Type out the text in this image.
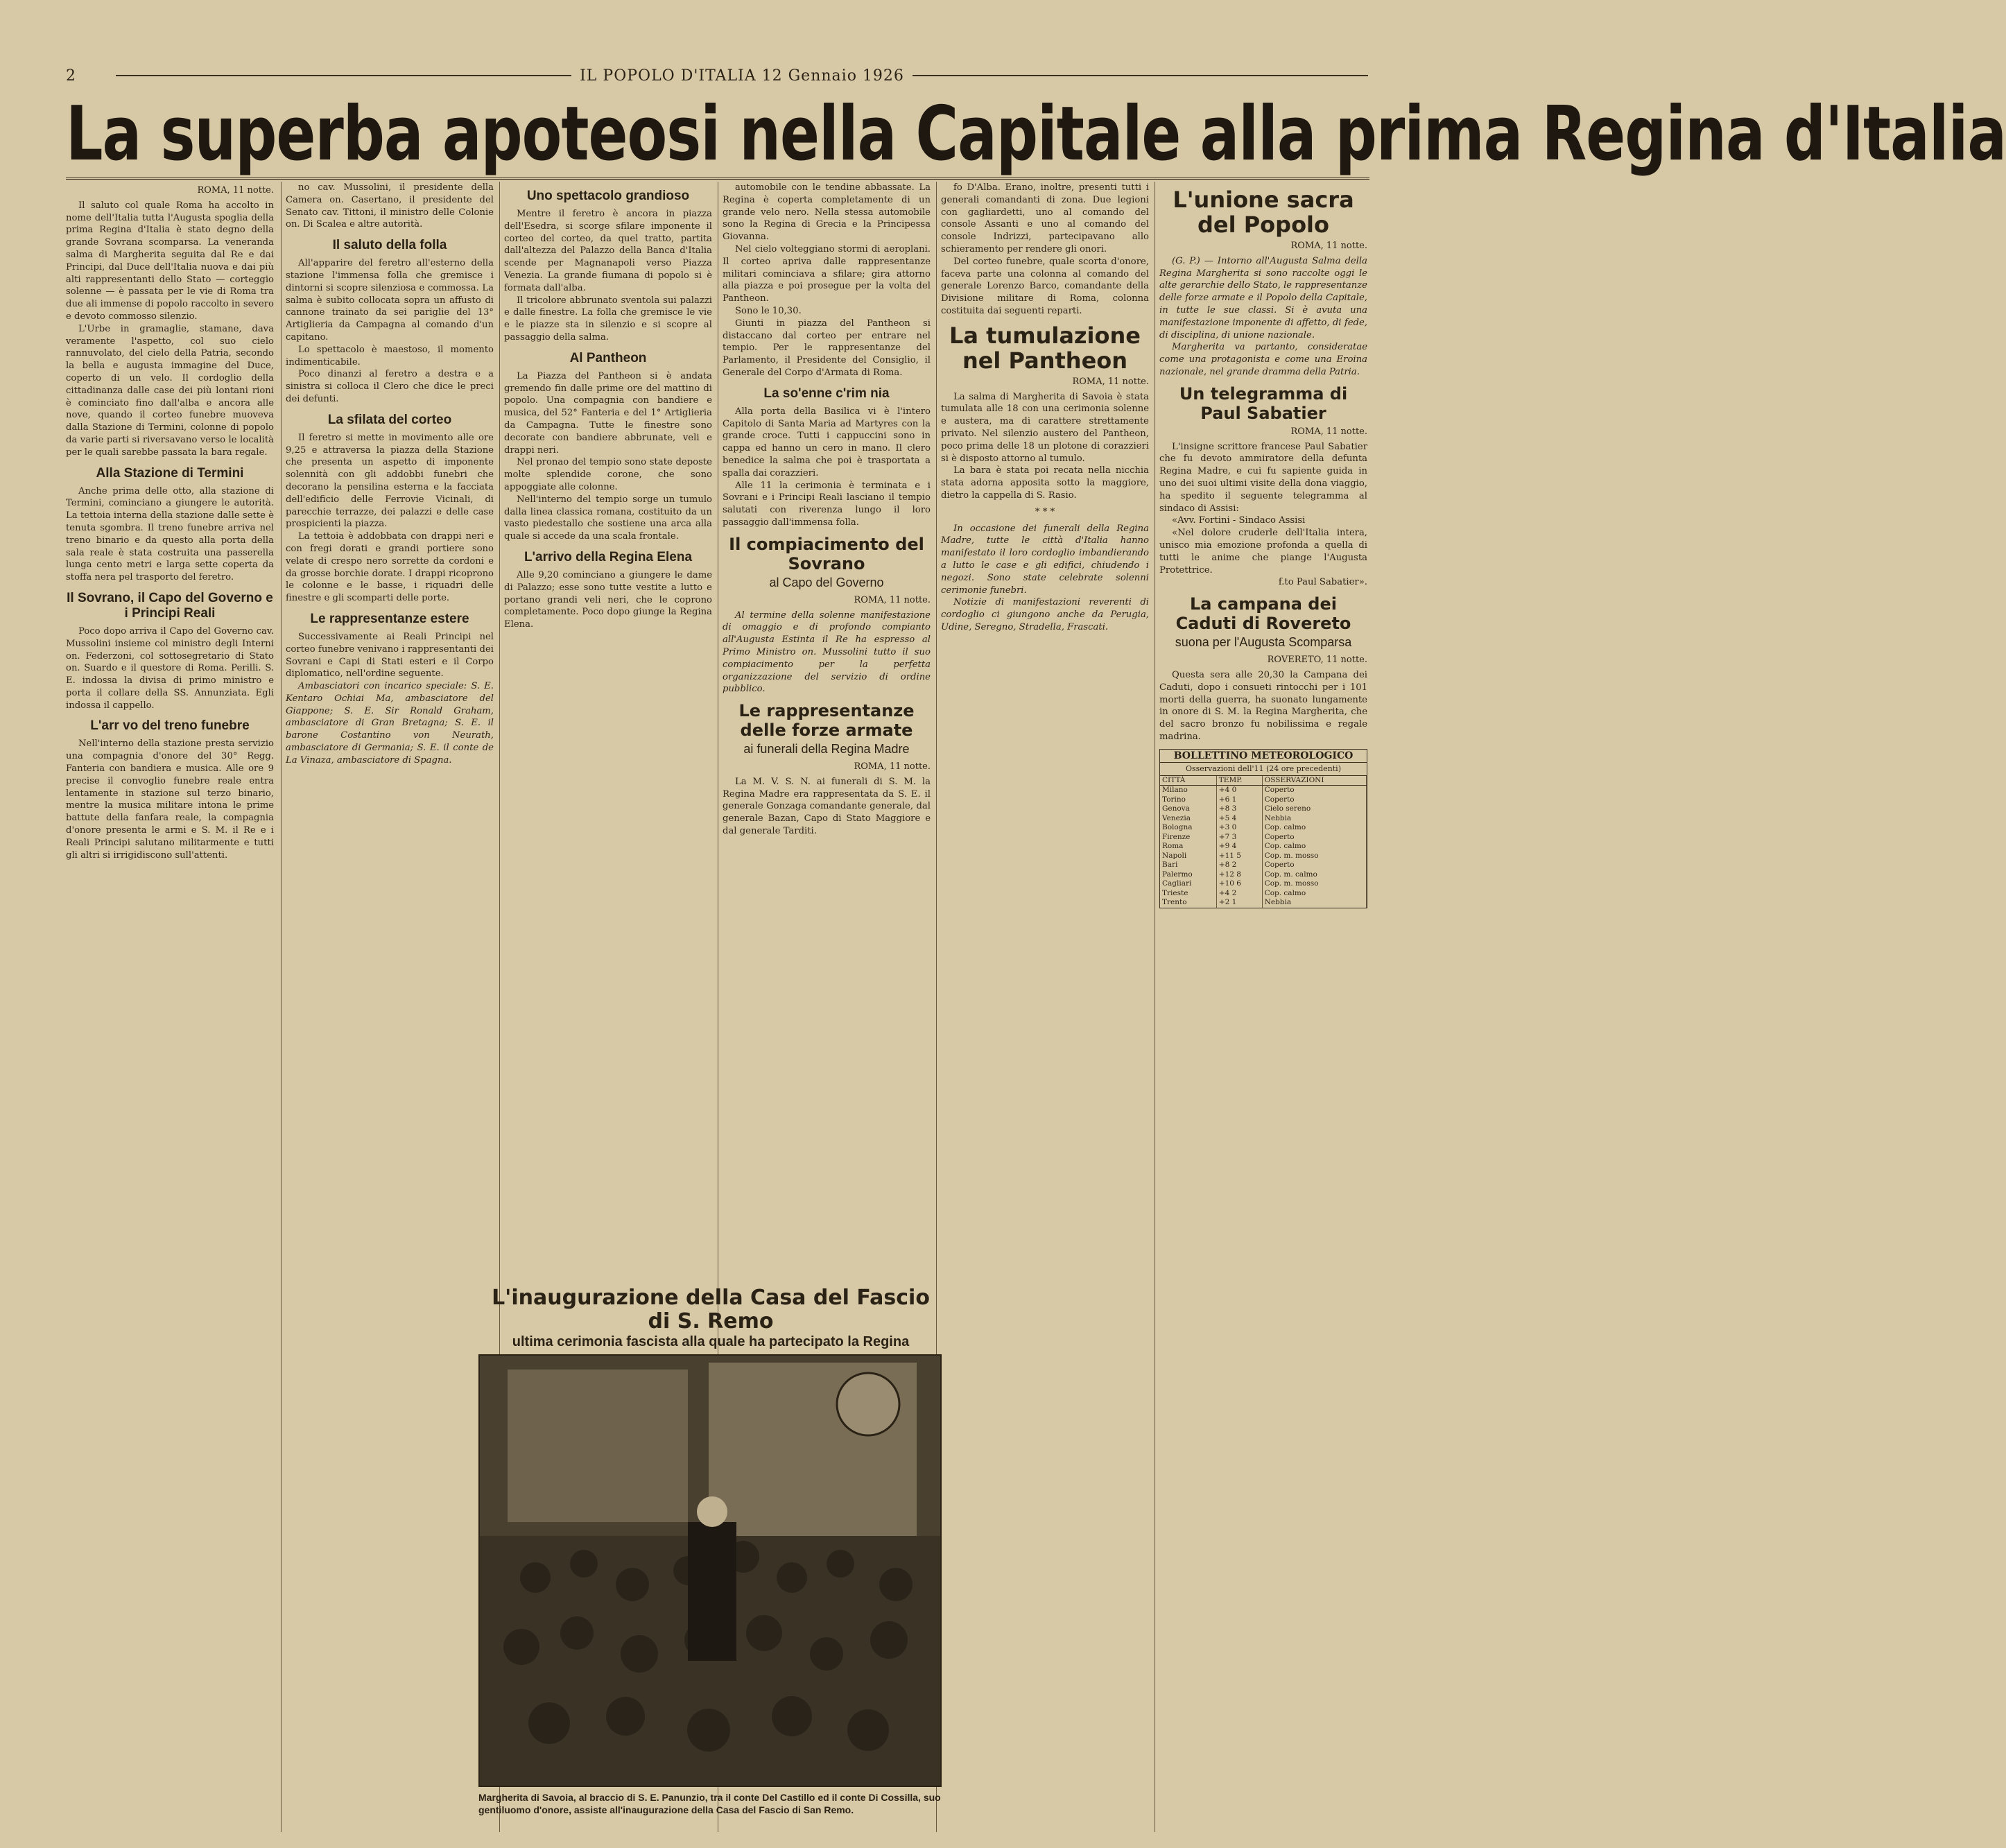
2	IL POPOLO D'ITALIA 12 Gennaio 1926
La superba apoteosi nella Capitale alla prima Regina d'Italia
ROMA, 11 notte.

Il saluto col quale Roma ha accolto in nome dell'Italia tutta l'Augusta spoglia della prima Regina d'Italia è stato degno della grande Sovrana scomparsa. La veneranda salma di Margherita seguita dal Re e dai Principi, dal Duce dell'Italia nuova e dai più alti rappresentanti dello Stato — corteggio solenne — è passata per le vie di Roma tra due ali immense di popolo raccolto in severo e devoto commosso silenzio.

L'Urbe in gramaglie, stamane, dava veramente l'aspetto, col suo cielo rannuvolato, del cielo della Patria, secondo la bella e augusta immagine del Duce, coperto di un velo. Il cordoglio della cittadinanza dalle case dei più lontani rioni è cominciato fino dall'alba e ancora alle nove, quando il corteo funebre muoveva dalla Stazione di Termini, colonne di popolo da varie parti si riversavano verso le località per le quali sarebbe passata la bara regale.

Alla Stazione di Termini

Anche prima delle otto, alla stazione di Termini, cominciano a giungere le autorità. La tettoia interna della stazione dalle sette è tenuta sgombra. Il treno funebre arriva nel treno binario e da questo alla porta della sala reale è stata costruita una passerella lunga cento metri e larga sette coperta da stoffa nera pel trasporto del feretro.

Il Sovrano, il Capo del Governo e i Principi Reali

Poco dopo arriva il Capo del Governo cav. Mussolini insieme col ministro degli Interni on. Federzoni, col sottosegretario di Stato on. Suardo e il questore di Roma. Perilli. S. E. indossa la divisa di primo ministro e porta il collare della SS. Annunziata. Egli indossa il cappello.

L'arr vo del treno funebre

Nell'interno della stazione presta servizio una compagnia d'onore del 30° Regg. Fanteria con bandiera e musica. Alle ore 9 precise il convoglio funebre reale entra lentamente in stazione sul terzo binario, mentre la musica militare intona le prime battute della fanfara reale, la compagnia d'onore presenta le armi e S. M. il Re e i Reali Principi salutano militarmente e tutti gli altri si irrigidiscono sull'attenti.

no cav. Mussolini, il presidente della Camera on. Casertano, il presidente del Senato cav. Tittoni, il ministro delle Colonie on. Di Scalea e altre autorità.

Il saluto della folla

All'apparire del feretro all'esterno della stazione l'immensa folla che gremisce i dintorni si scopre silenziosa e commossa. La salma è subito collocata sopra un affusto di cannone trainato da sei pariglie del 13° Artiglieria da Campagna al comando d'un capitano.

Lo spettacolo è maestoso, il momento indimenticabile.

Poco dinanzi al feretro a destra e a sinistra si colloca il Clero che dice le preci dei defunti.

La sfilata del corteo

Il feretro si mette in movimento alle ore 9,25 e attraversa la piazza della Stazione che presenta un aspetto di imponente solennità con gli addobbi funebri che decorano la pensilina esterna e la facciata dell'edificio delle Ferrovie Vicinali, di parecchie terrazze, dei palazzi e delle case prospicienti la piazza.

La tettoia è addobbata con drappi neri e con fregi dorati e grandi portiere sono velate di crespo nero sorrette da cordoni e da grosse borchie dorate. I drappi ricoprono le colonne e le basse, i riquadri delle finestre e gli scomparti delle porte.

Le rappresentanze estere

Successivamente ai Reali Principi nel corteo funebre venivano i rappresentanti dei Sovrani e Capi di Stati esteri e il Corpo diplomatico, nell'ordine seguente.

Ambasciatori con incarico speciale: S. E. Kentaro Ochiai Ma, ambasciatore del Giappone; S. E. Sir Ronald Graham, ambasciatore di Gran Bretagna; S. E. il barone Costantino von Neurath, ambasciatore di Germania; S. E. il conte de La Vinaza, ambasciatore di Spagna.

Uno spettacolo grandioso

Mentre il feretro è ancora in piazza dell'Esedra, si scorge sfilare imponente il corteo del corteo, da quel tratto, partita dall'altezza del Palazzo della Banca d'Italia scende per Magnanapoli verso Piazza Venezia. La grande fiumana di popolo si è formata dall'alba.

Il tricolore abbrunato sventola sui palazzi e dalle finestre. La folla che gremisce le vie e le piazze sta in silenzio e si scopre al passaggio della salma.

Al Pantheon

La Piazza del Pantheon si è andata gremendo fin dalle prime ore del mattino di popolo. Una compagnia con bandiere e musica, del 52° Fanteria e del 1° Artiglieria da Campagna. Tutte le finestre sono decorate con bandiere abbrunate, veli e drappi neri.

Nel pronao del tempio sono state deposte molte splendide corone, che sono appoggiate alle colonne.

Nell'interno del tempio sorge un tumulo dalla linea classica romana, costituito da un vasto piedestallo che sostiene una arca alla quale si accede da una scala frontale.

L'arrivo della Regina Elena

Alle 9,20 cominciano a giungere le dame di Palazzo; esse sono tutte vestite a lutto e portano grandi veli neri, che le coprono completamente. Poco dopo giunge la Regina Elena.

automobile con le tendine abbassate. La Regina è coperta completamente di un grande velo nero. Nella stessa automobile sono la Regina di Grecia e la Principessa Giovanna.

Nel cielo volteggiano stormi di aeroplani. Il corteo apriva dalle rappresentanze militari cominciava a sfilare; gira attorno alla piazza e poi prosegue per la volta del Pantheon.

Sono le 10,30.

Giunti in piazza del Pantheon si distaccano dal corteo per entrare nel tempio. Per le rappresentanze del Parlamento, il Presidente del Consiglio, il Generale del Corpo d'Armata di Roma.

La so'enne c'rim nia

Alla porta della Basilica vi è l'intero Capitolo di Santa Maria ad Martyres con la grande croce. Tutti i cappuccini sono in cappa ed hanno un cero in mano. Il clero benedice la salma che poi è trasportata a spalla dai corazzieri.

Alle 11 la cerimonia è terminata e i Sovrani e i Principi Reali lasciano il tempio salutati con riverenza lungo il loro passaggio dall'immensa folla.

Il compiacimento del Sovrano
al Capo del Governo
ROMA, 11 notte.

Al termine della solenne manifestazione di omaggio e di profondo compianto all'Augusta Estinta il Re ha espresso al Primo Ministro on. Mussolini tutto il suo compiacimento per la perfetta organizzazione del servizio di ordine pubblico.

Le rappresentanze delle forze armate
ai funerali della Regina Madre
ROMA, 11 notte.

La M. V. S. N. ai funerali di S. M. la Regina Madre era rappresentata da S. E. il generale Gonzaga comandante generale, dal generale Bazan, Capo di Stato Maggiore e dal generale Tarditi.

fo D'Alba. Erano, inoltre, presenti tutti i generali comandanti di zona. Due legioni con gagliardetti, uno al comando del console Assanti e uno al comando del console Indrizzi, partecipavano allo schieramento per rendere gli onori.

Del corteo funebre, quale scorta d'onore, faceva parte una colonna al comando del generale Lorenzo Barco, comandante della Divisione militare di Roma, colonna costituita dai seguenti reparti.

La tumulazione nel Pantheon
ROMA, 11 notte.

La salma di Margherita di Savoia è stata tumulata alle 18 con una cerimonia solenne e austera, ma di carattere strettamente privato. Nel silenzio austero del Pantheon, poco prima delle 18 un plotone di corazzieri si è disposto attorno al tumulo.

La bara è stata poi recata nella nicchia stata adorna apposita sotto la maggiore, dietro la cappella di S. Rasio.

* * *

In occasione dei funerali della Regina Madre, tutte le città d'Italia hanno manifestato il loro cordoglio imbandierando a lutto le case e gli edifici, chiudendo i negozi. Sono state celebrate solenni cerimonie funebri.

Notizie di manifestazioni reverenti di cordoglio ci giungono anche da Perugia, Udine, Seregno, Stradella, Frascati.

L'unione sacra del Popolo
ROMA, 11 notte.

(G. P.) — Intorno all'Augusta Salma della Regina Margherita si sono raccolte oggi le alte gerarchie dello Stato, le rappresentanze delle forze armate e il Popolo della Capitale, in tutte le sue classi. Si è avuta una manifestazione imponente di affetto, di fede, di disciplina, di unione nazionale.

Margherita va partanto, consideratae come una protagonista e come una Eroina nazionale, nel grande dramma della Patria.

Un telegramma di Paul Sabatier
ROMA, 11 notte.

L'insigne scrittore francese Paul Sabatier che fu devoto ammiratore della defunta Regina Madre, e cui fu sapiente guida in uno dei suoi ultimi visite della dona viaggio, ha spedito il seguente telegramma al sindaco di Assisi:

«Avv. Fortini - Sindaco Assisi

«Nel dolore cruderle dell'Italia intera, unisco mia emozione profonda a quella di tutti le anime che piange l'Augusta Protettrice.

f.to Paul Sabatier».

La campana dei Caduti di Rovereto
suona per l'Augusta Scomparsa
ROVERETO, 11 notte.

Questa sera alle 20,30 la Campana dei Caduti, dopo i consueti rintocchi per i 101 morti della guerra, ha suonato lungamente in onore di S. M. la Regina Margherita, che del sacro bronzo fu nobilissima e regale madrina.

BOLLETTINO METEOROLOGICO
Osservazioni dell'11 (24 ore precedenti)
CITTÀ	TEMP.	OSSERVAZIONI
Milano	+4 0	Coperto
Torino	+6 1	Coperto
Genova	+8 3	Cielo sereno
Venezia	+5 4	Nebbia
Bologna	+3 0	Cop. calmo
Firenze	+7 3	Coperto
Roma	+9 4	Cop. calmo
Napoli	+11 5	Cop. m. mosso
Bari	+8 2	Coperto
Palermo	+12 8	Cop. m. calmo
Cagliari	+10 6	Cop. m. mosso
Trieste	+4 2	Cop. calmo
Trento	+2 1	Nebbia
L'inaugurazione della Casa del Fascio di S. Remo
ultima cerimonia fascista alla quale ha partecipato la Regina
Margherita di Savoia, al braccio di S. E. Panunzio, tra il conte Del Castillo ed il conte Di Cossilla, suo gentiluomo d'onore, assiste all'inaugurazione della Casa del Fascio di San Remo.
